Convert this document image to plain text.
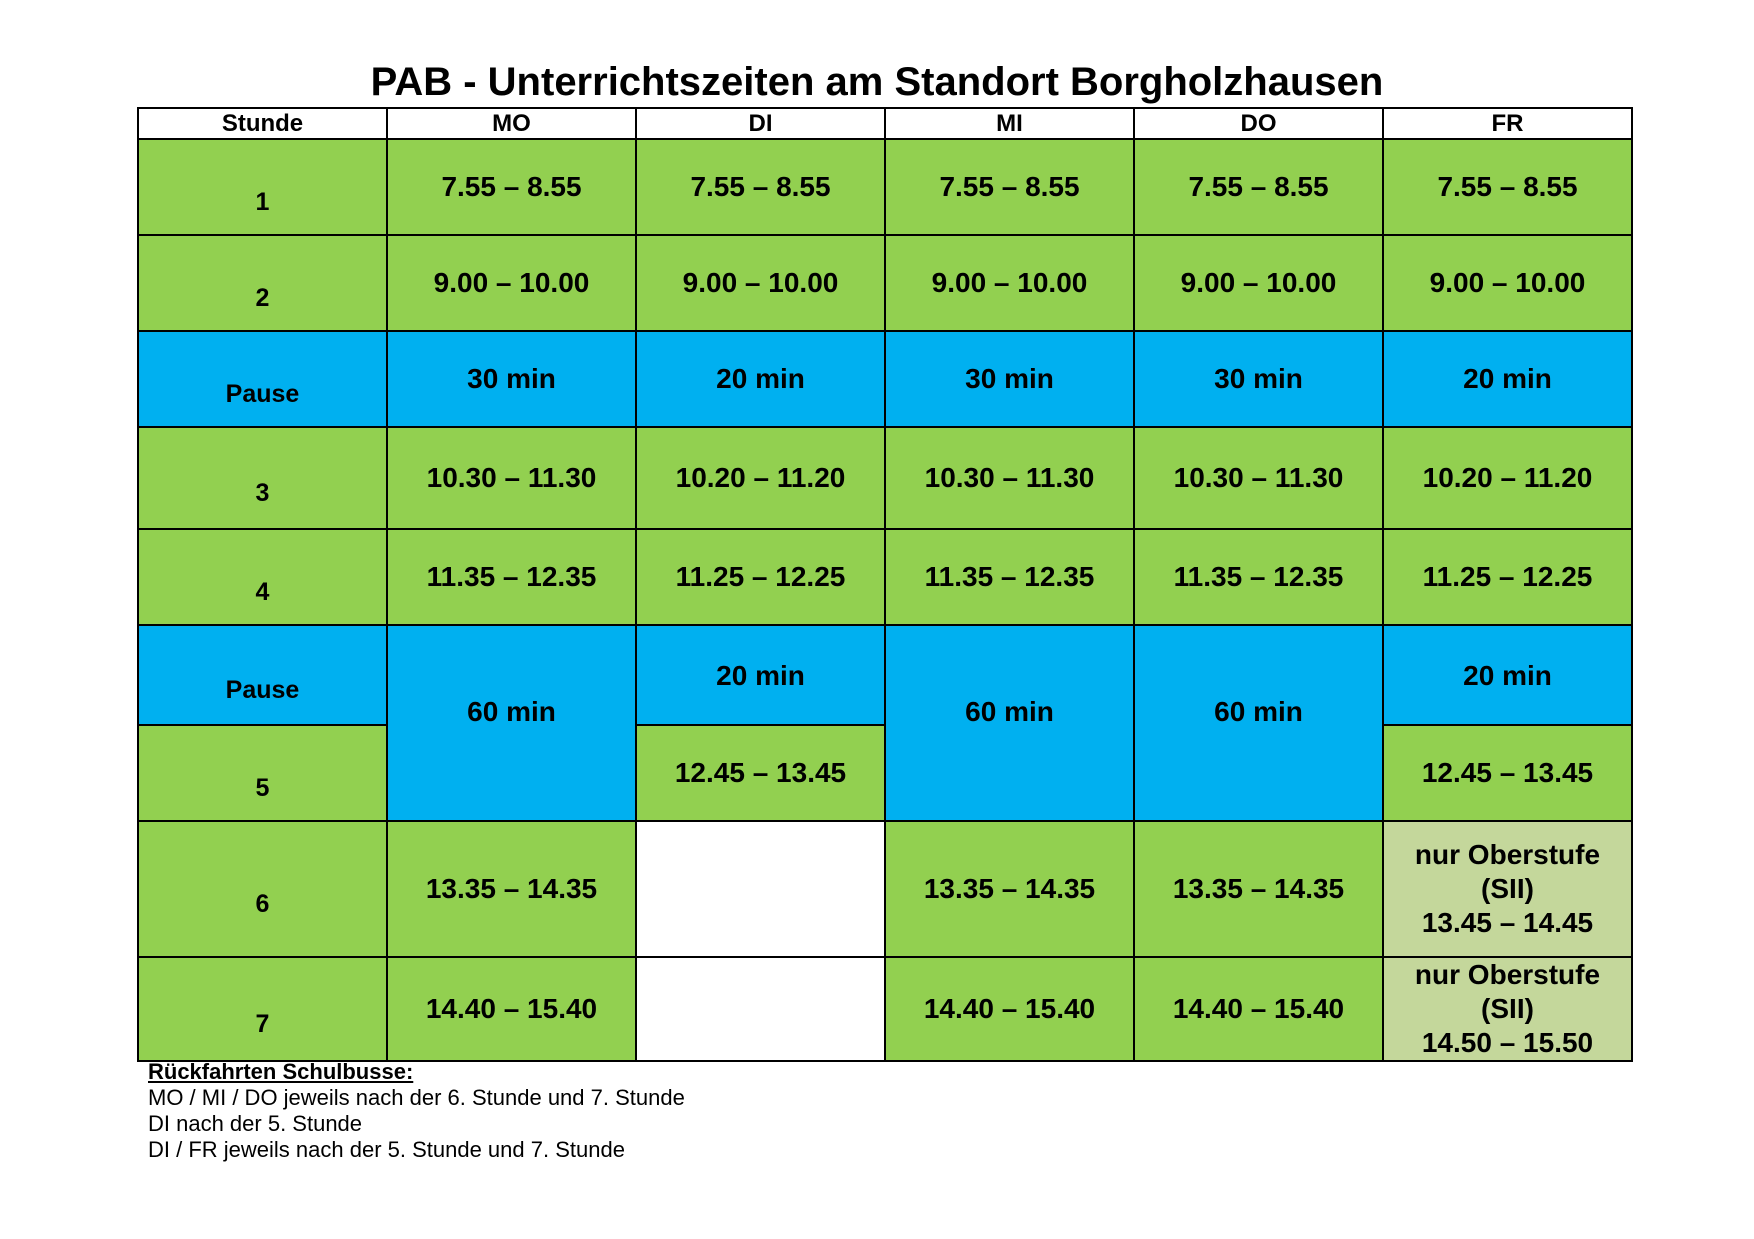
PAB - Unterrichtszeiten am Standort Borgholzhausen
Stunde	MO	DI	MI	DO	FR

1	7.55 – 8.55	7.55 – 8.55	7.55 – 8.55	7.55 – 8.55	7.55 – 8.55

2	9.00 – 10.00	9.00 – 10.00	9.00 – 10.00	9.00 – 10.00	9.00 – 10.00

Pause	30 min	20 min	30 min	30 min	20 min

3	10.30 – 11.30	10.20 – 11.20	10.30 – 11.30	10.30 – 11.30	10.20 – 11.20

4	11.35 – 12.35	11.25 – 12.25	11.35 – 12.35	11.35 – 12.35	11.25 – 12.25

Pause	60 min	20 min	60 min	60 min	20 min

5		12.45 – 13.45			12.45 – 13.45

6	13.35 – 14.35		13.35 – 14.35	13.35 – 14.35	nur Oberstufe
(SII)
13.45 – 14.45

7	14.40 – 15.40		14.40 – 15.40	14.40 – 15.40	nur Oberstufe
(SII)
14.50 – 15.50
Rückfahrten Schulbusse:
MO / MI / DO jeweils nach der 6. Stunde und 7. Stunde
DI nach der 5. Stunde
DI / FR jeweils nach der 5. Stunde und 7. Stunde
